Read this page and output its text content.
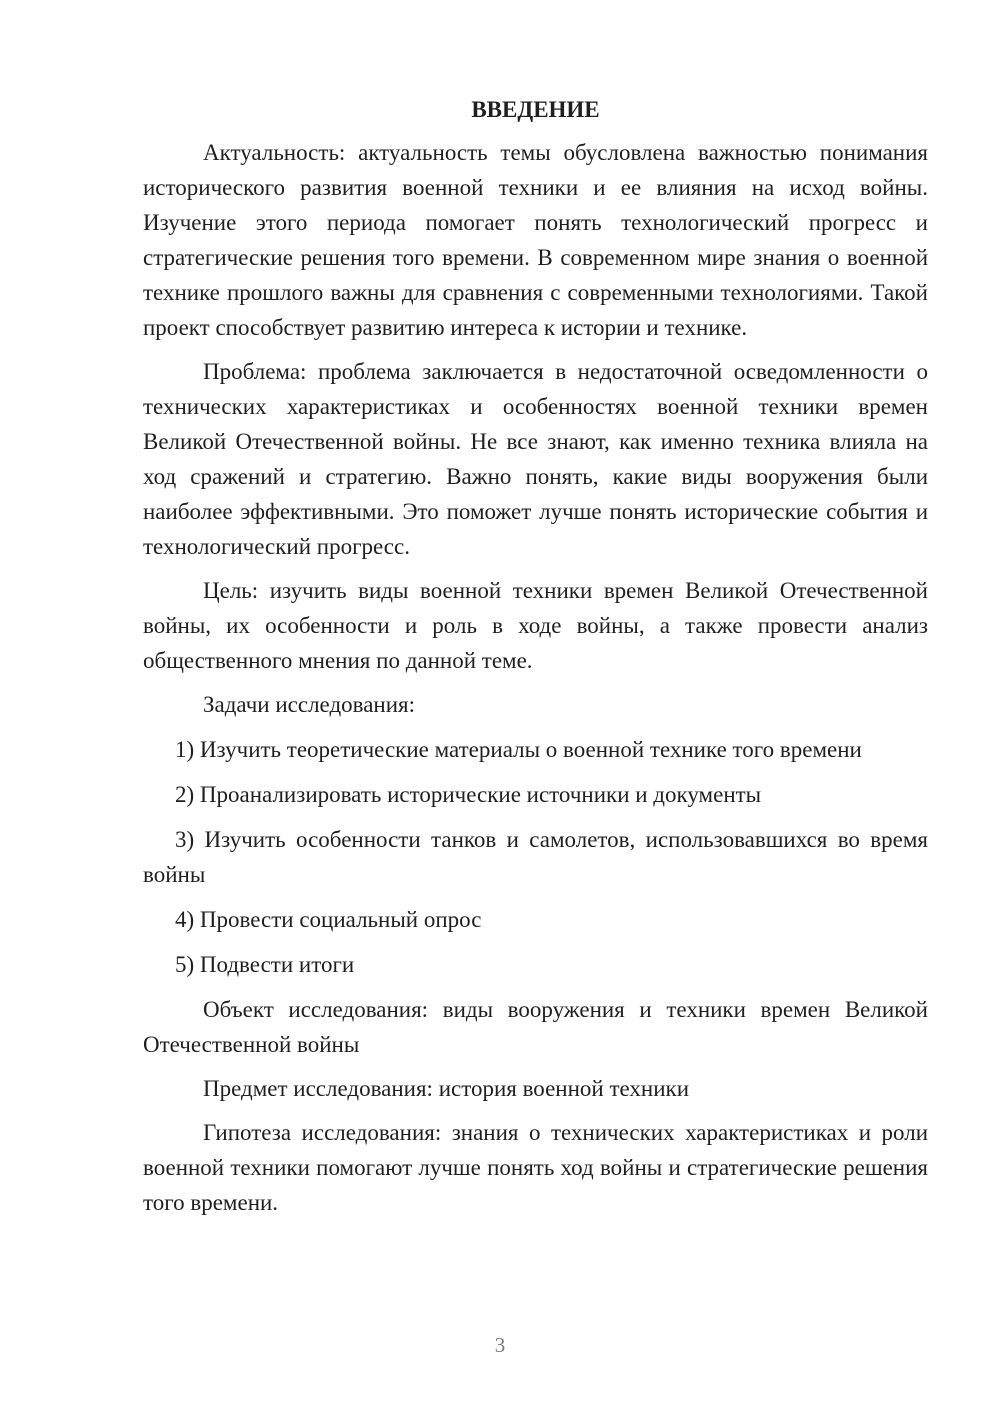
ВВЕДЕНИЕ

Актуальность: актуальность темы обусловлена важностью понимания исторического развития военной техники и ее влияния на исход войны. Изучение этого периода помогает понять технологический прогресс и стратегические решения того времени. В современном мире знания о военной технике прошлого важны для сравнения с современными технологиями. Такой проект способствует развитию интереса к истории и технике.

Проблема: проблема заключается в недостаточной осведомленности о технических характеристиках и особенностях военной техники времен Великой Отечественной войны. Не все знают, как именно техника влияла на ход сражений и стратегию. Важно понять, какие виды вооружения были наиболее эффективными. Это поможет лучше понять исторические события и технологический прогресс.

Цель: изучить виды военной техники времен Великой Отечественной войны, их особенности и роль в ходе войны, а также провести анализ общественного мнения по данной теме.

Задачи исследования:

1) Изучить теоретические материалы о военной технике того времени

2) Проанализировать исторические источники и документы

3) Изучить особенности танков и самолетов, использовавшихся во время войны

4) Провести социальный опрос

5) Подвести итоги

Объект исследования: виды вооружения и техники времен Великой Отечественной войны

Предмет исследования: история военной техники

Гипотеза исследования: знания о технических характеристиках и роли военной техники помогают лучше понять ход войны и стратегические решения того времени.

3
